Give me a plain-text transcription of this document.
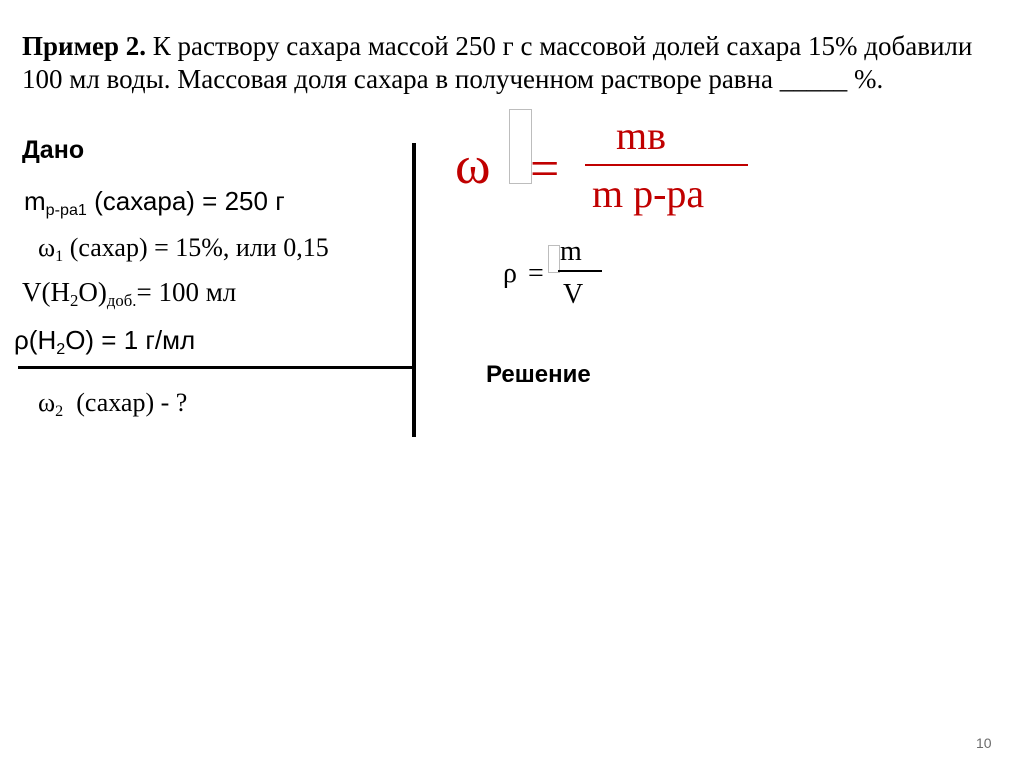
Пример 2. К раствору сахара массой 250 г с массовой долей сахара 15% добавили 100 мл воды. Массовая доля сахара в полученном растворе равна _____ %.
Дано
$m_{р-ра1}$ (сахара) = 250 г
$\omega_1$ (сахар) = 15%, или 0,15
$V(H_2O)_{доб.}= 100$ мл
$\rho(H_2O) = 1$ г/мл
$\omega_2$  (сахар) - ?
ω =
mв
m р-ра
ρ =
m
V
Решение
10
